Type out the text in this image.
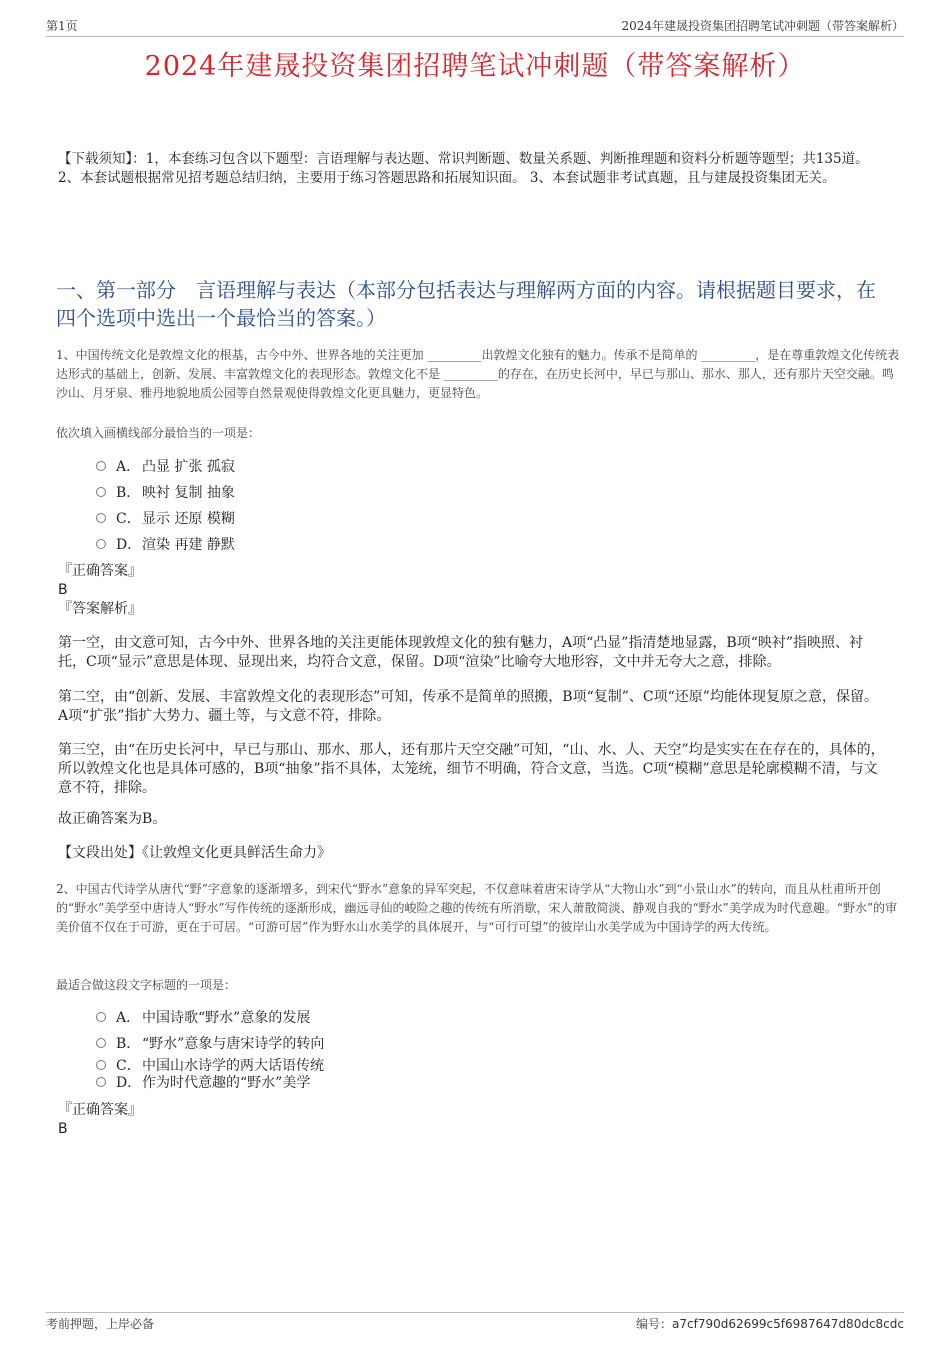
第1页	2024年建晟投资集团招聘笔试冲刺题（带答案解析）
2024年建晟投资集团招聘笔试冲刺题（带答案解析）
【下载须知】：1，本套练习包含以下题型：言语理解与表达题、常识判断题、数量关系题、判断推理题和资料分析题等题型；共135道。 2、本套试题根据常见招考题总结归纳，主要用于练习答题思路和拓展知识面。 3、本套试题非考试真题，且与建晟投资集团无关。
一、第一部分　言语理解与表达（本部分包括表达与理解两方面的内容。请根据题目要求，在四个选项中选出一个最恰当的答案。）
1、中国传统文化是敦煌文化的根基，古今中外、世界各地的关注更加 _________出敦煌文化独有的魅力。传承不是简单的 _________，是在尊重敦煌文化传统表达形式的基础上，创新、发展、丰富敦煌文化的表现形态。敦煌文化不是 _________的存在，在历史长河中，早已与那山、那水、那人，还有那片天空交融。鸣沙山、月牙泉、雅丹地貌地质公园等自然景观使得敦煌文化更具魅力，更显特色。
依次填入画横线部分最恰当的一项是：
A． 凸显 扩张 孤寂
B． 映衬 复制 抽象
C． 显示 还原 模糊
D． 渲染 再建 静默

『正确答案』

B

『答案解析』

第一空，由文意可知，古今中外、世界各地的关注更能体现敦煌文化的独有魅力，A项“凸显”指清楚地显露，B项“映衬”指映照、衬托，C项“显示”意思是体现、显现出来，均符合文意，保留。D项“渲染”比喻夸大地形容，文中并无夸大之意，排除。
第二空，由“创新、发展、丰富敦煌文化的表现形态”可知，传承不是简单的照搬，B项“复制”、C项“还原”均能体现复原之意，保留。A项“扩张”指扩大势力、疆土等，与文意不符，排除。
第三空，由“在历史长河中，早已与那山、那水、那人，还有那片天空交融”可知，“山、水、人、天空”均是实实在在存在的，具体的，所以敦煌文化也是具体可感的，B项“抽象”指不具体，太笼统，细节不明确，符合文意，当选。C项“模糊”意思是轮廓模糊不清，与文意不符，排除。
故正确答案为B。
【文段出处】《让敦煌文化更具鲜活生命力》
2、中国古代诗学从唐代“野”字意象的逐渐增多，到宋代“野水”意象的异军突起，不仅意味着唐宋诗学从“大物山水”到“小景山水”的转向，而且从杜甫所开创的“野水”美学至中唐诗人“野水”写作传统的逐渐形成，幽远寻仙的峻险之趣的传统有所消歇，宋人萧散简淡、静观自我的“野水”美学成为时代意趣。“野水”的审美价值不仅在于可游，更在于可居。“可游可居”作为野水山水美学的具体展开，与“可行可望”的彼岸山水美学成为中国诗学的两大传统。
最适合做这段文字标题的一项是：
A． 中国诗歌“野水”意象的发展
B． “野水”意象与唐宋诗学的转向
C． 中国山水诗学的两大话语传统
D． 作为时代意趣的“野水”美学

『正确答案』

B

考前押题，上岸必备	编号：a7cf790d62699c5f6987647d80dc8cdc
